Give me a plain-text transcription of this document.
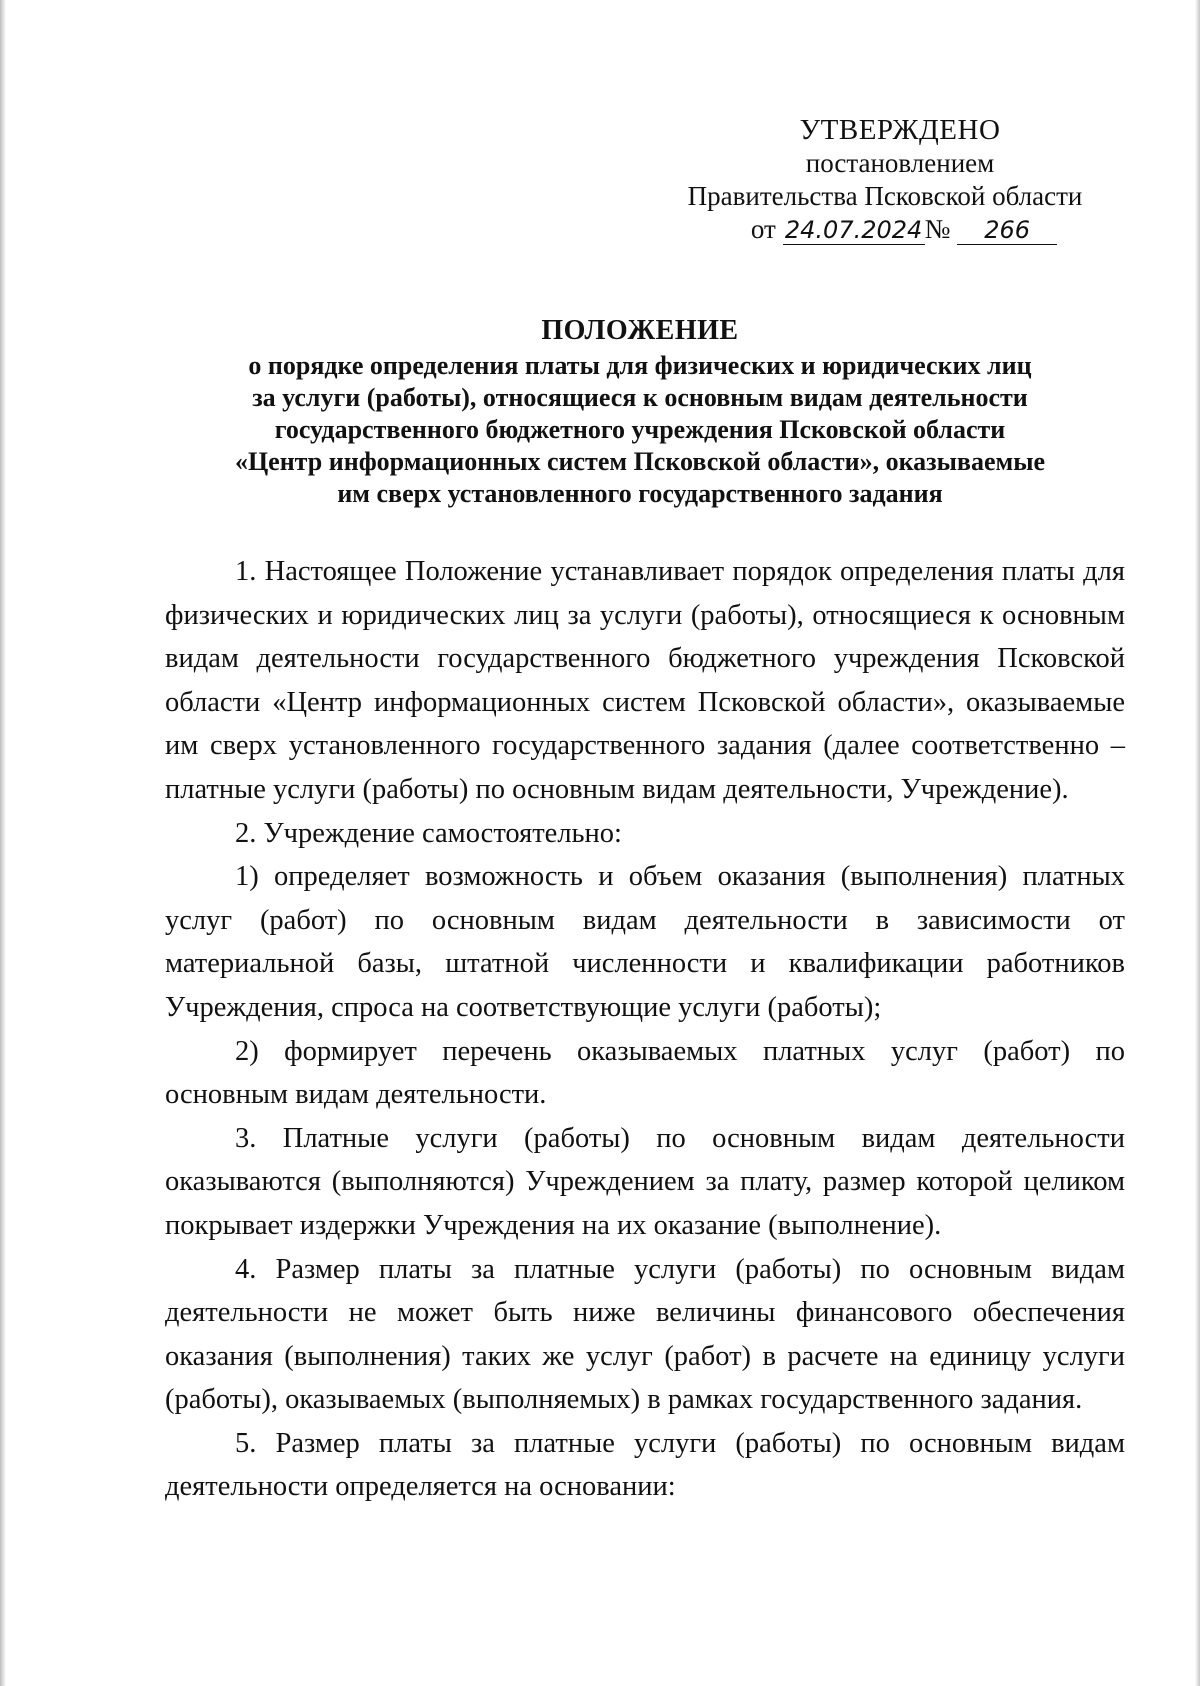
УТВЕРЖДЕНО
постановлением
Правительства Псковской области
от 24.07.2024№ 266
ПОЛОЖЕНИЕ
о порядке определения платы для физических и юридических лиц
за услуги (работы), относящиеся к основным видам деятельности
государственного бюджетного учреждения Псковской области
«Центр информационных систем Псковской области», оказываемые
им сверх установленного государственного задания

1. Настоящее Положение устанавливает порядок определения платы для физических и юридических лиц за услуги (работы), относящиеся к основным видам деятельности государственного бюджетного учреждения Псковской области «Центр информационных систем Псковской области», оказываемые им сверх установленного государственного задания (далее соответственно – платные услуги (работы) по основным видам деятельности, Учреждение).

2. Учреждение самостоятельно:

1) определяет возможность и объем оказания (выполнения) платных услуг (работ) по основным видам деятельности в зависимости от материальной базы, штатной численности и квалификации работников Учреждения, спроса на соответствующие услуги (работы);

2) формирует перечень оказываемых платных услуг (работ) по основным видам деятельности.

3. Платные услуги (работы) по основным видам деятельности оказываются (выполняются) Учреждением за плату, размер которой целиком покрывает издержки Учреждения на их оказание (выполнение).

4. Размер платы за платные услуги (работы) по основным видам деятельности не может быть ниже величины финансового обеспечения оказания (выполнения) таких же услуг (работ) в расчете на единицу услуги (работы), оказываемых (выполняемых) в рамках государственного задания.

5. Размер платы за платные услуги (работы) по основным видам деятельности определяется на основании:
